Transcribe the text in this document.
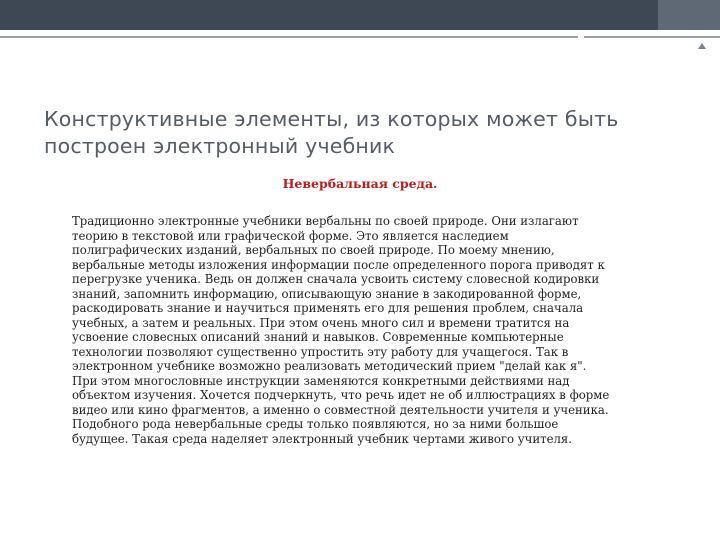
Конструктивные элементы, из которых может быть
построен электронный учебник

Невербальная среда.

Традиционно электронные учебники вербальны по своей природе. Они излагают
теорию в текстовой или графической форме. Это является наследием
полиграфических изданий, вербальных по своей природе. По моему мнению,
вербальные методы изложения информации после определенного порога приводят к
перегрузке ученика. Ведь он должен сначала усвоить систему словесной кодировки
знаний, запомнить информацию, описывающую знание в закодированной форме,
раскодировать знание и научиться применять его для решения проблем, сначала
учебных, а затем и реальных. При этом очень много сил и времени тратится на
усвоение словесных описаний знаний и навыков. Современные компьютерные
технологии позволяют существенно упростить эту работу для учащегося. Так в
электронном учебнике возможно реализовать методический прием "делай как я".
При этом многословные инструкции заменяются конкретными действиями над
объектом изучения. Хочется подчеркнуть, что речь идет не об иллюстрациях в форме
видео или кино фрагментов, а именно о совместной деятельности учителя и ученика.
Подобного рода невербальные среды только появляются, но за ними большое
будущее. Такая среда наделяет электронный учебник чертами живого учителя.
